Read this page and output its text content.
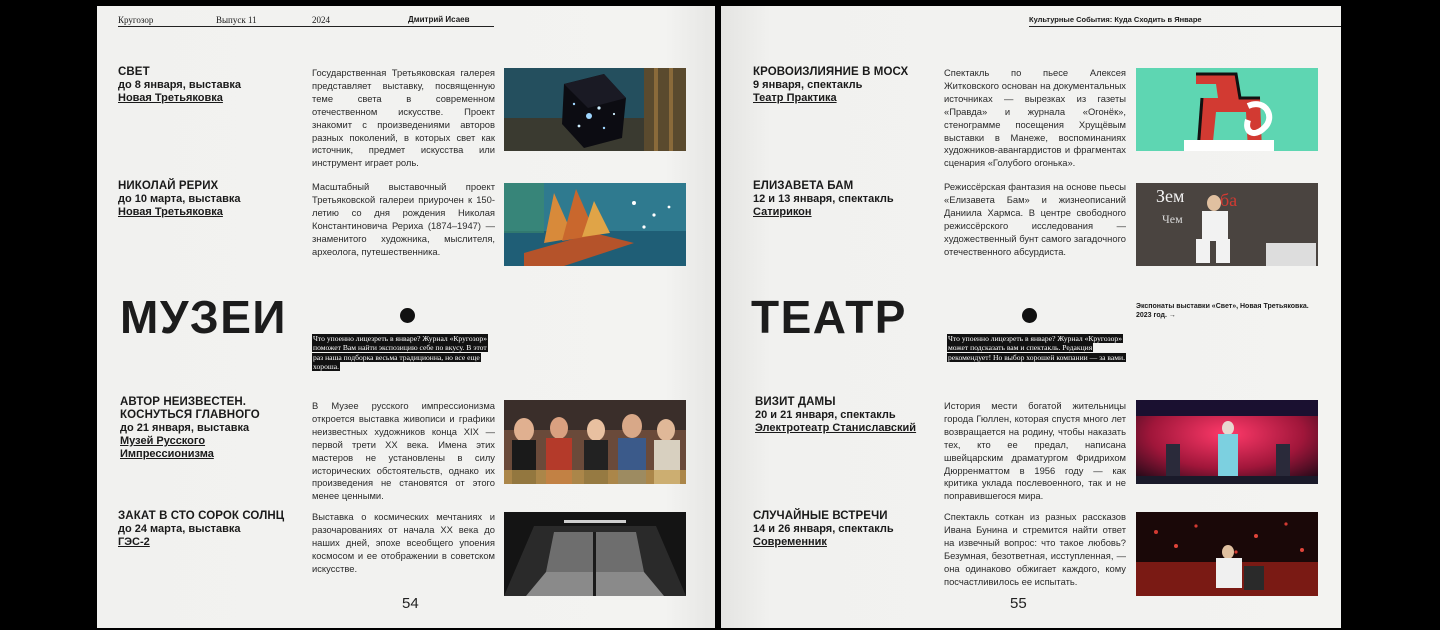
Кругозор	Выпуск 11	2024	Дмитрий Исаев
СВЕТ
до 8 января, выставка
Новая Третьяковка
Государственная Третьяковская галерея представляет выставку, посвященную теме света в современном отечественном искусстве. Проект знакомит с произведениями авторов разных поколений, в которых свет как источник, предмет искусства или инструмент играет роль.
НИКОЛАЙ РЕРИХ
до 10 марта, выставка
Новая Третьяковка
Масштабный выставочный проект Третьяковской галереи приурочен к 150-летию со дня рождения Николая Константиновича Рериха (1874–1947) — знаменитого художника, мыслителя, археолога, путешественника.
МУЗЕИ	Что упоенно лицезреть в январе? Журнал «Кругозор» поможет Вам найти экспозицию себе по вкусу. В этот раз наша подборка весьма традиционна, но все еще хороша.
АВТОР НЕИЗВЕСТЕН.
КОСНУТЬСЯ ГЛАВНОГО
до 21 января, выставка
Музей Русского
Импрессионизма
В Музее русского импрессионизма откроется выставка живописи и графики неизвестных художников конца XIX — первой трети XX века. Имена этих мастеров не установлены в силу исторических обстоятельств, однако их произведения не становятся от этого менее ценными.
ЗАКАТ В СТО СОРОК СОЛНЦ
до 24 марта, выставка
ГЭС-2
Выставка о космических мечтаниях и разочарованиях от начала XX века до наших дней, эпохе всеобщего упоения космосом и ее отображении в советском искусстве.
54
Культурные События: Куда Сходить в Январе
КРОВОИЗЛИЯНИЕ В МОСХ
9 января, спектакль
Театр Практика
Спектакль по пьесе Алексея Житковского основан на документальных источниках — вырезках из газеты «Правда» и журнала «Огонёк», стенограмме посещения Хрущёвым выставки в Манеже, воспоминаниях художников-авангардистов и фрагментах сценария «Голубого огонька».
ЕЛИЗАВЕТА БАМ
12 и 13 января, спектакль
Сатирикон
Режиссёрская фантазия на основе пьесы «Елизавета Бам» и жизнеописаний Даниила Хармса. В центре свободного режиссёрского исследования — художественный бунт самого загадочного отечественного абсурдиста.
Зем ба
Чем
Экспонаты выставки «Свет», Новая Третьяковка. 2023 год. →
ТЕАТР	Что упоенно лицезреть в январе? Журнал «Кругозор» может подсказать вам и спектакль. Редакция рекомендует! Но выбор хорошей компании — за вами.
ВИЗИТ ДАМЫ
20 и 21 января, спектакль
Электротеатр Станиславский
История мести богатой жительницы города Гюллен, которая спустя много лет возвращается на родину, чтобы наказать тех, кто ее предал, написана швейцарским драматургом Фридрихом Дюрренматтом в 1956 году — как критика уклада послевоенного, так и не поправившегося мира.
СЛУЧАЙНЫЕ ВСТРЕЧИ
14 и 26 января, спектакль
Современник
Спектакль соткан из разных рассказов Ивана Бунина и стремится найти ответ на извечный вопрос: что такое любовь? Безумная, безответная, исступленная, — она одинаково обжигает каждого, кому посчастливилось ее испытать.
55
